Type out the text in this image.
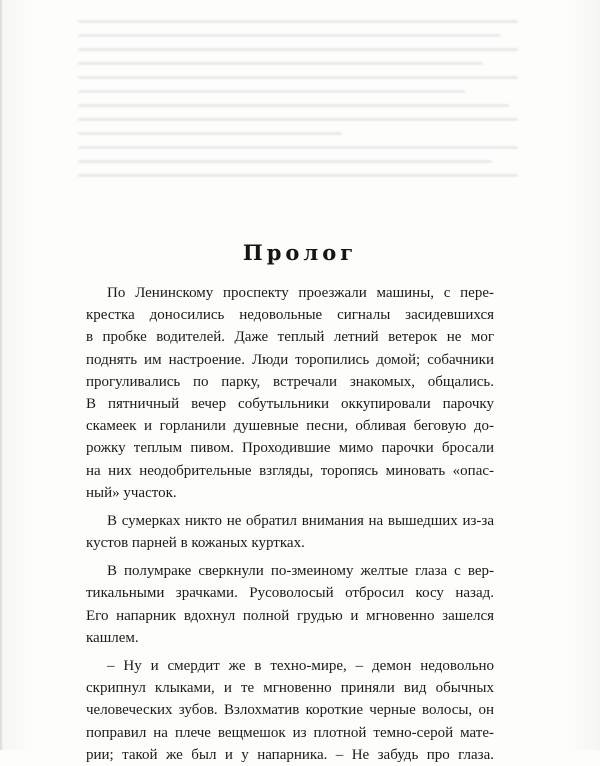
Пролог

По Ленинскому проспекту проезжали машины, с пере-
крестка доносились недовольные сигналы засидевшихся
в пробке водителей. Даже теплый летний ветерок не мог
поднять им настроение. Люди торопились домой; собачники
прогуливались по парку, встречали знакомых, общались.
В пятничный вечер собутыльники оккупировали парочку
скамеек и горланили душевные песни, обливая беговую до-
рожку теплым пивом. Проходившие мимо парочки бросали
на них неодобрительные взгляды, торопясь миновать «опас-
ный» участок.

В сумерках никто не обратил внимания на вышедших из-за
кустов парней в кожаных куртках.

В полумраке сверкнули по-змеиному желтые глаза с вер-
тикальными зрачками. Русоволосый отбросил косу назад.
Его напарник вдохнул полной грудью и мгновенно зашелся
кашлем.

– Ну и смердит же в техно-мире, – демон недовольно
скрипнул клыками, и те мгновенно приняли вид обычных
человеческих зубов. Взлохматив короткие черные волосы, он
поправил на плече вещмешок из плотной темно-серой мате-
рии; такой же был и у напарника. – Не забудь про глаза.
